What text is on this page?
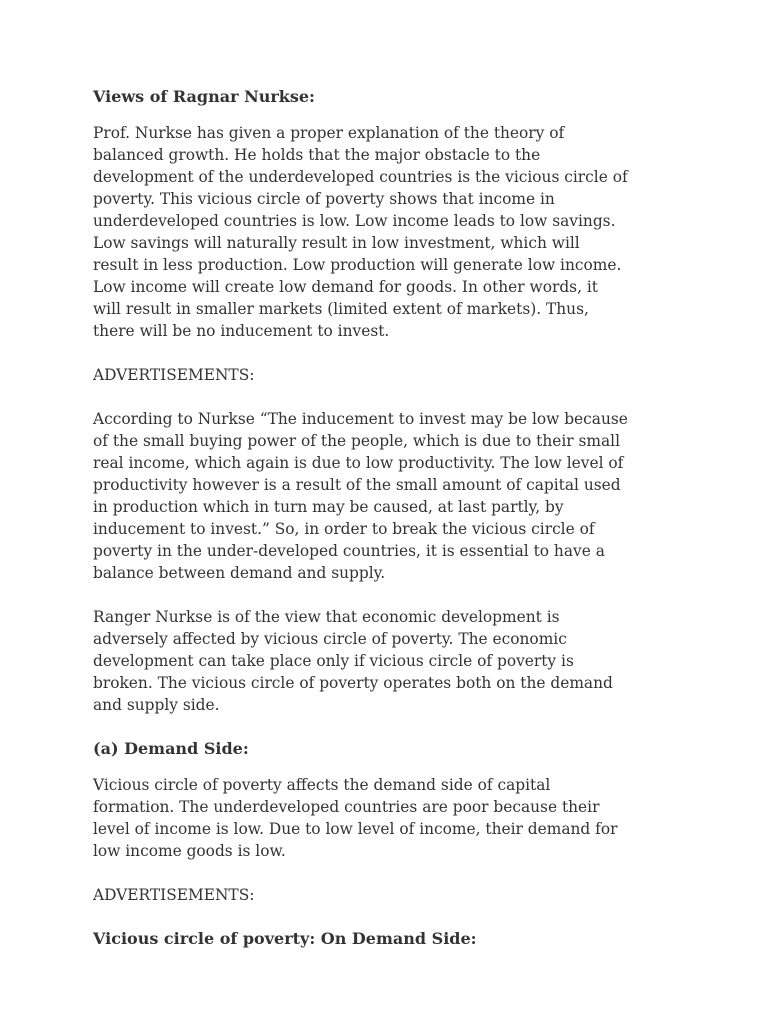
Views of Ragnar Nurkse:
Prof. Nurkse has given a proper explanation of the theory of
balanced growth. He holds that the major obstacle to the
development of the underdeveloped countries is the vicious circle of
poverty. This vicious circle of poverty shows that income in
underdeveloped countries is low. Low income leads to low savings.
Low savings will naturally result in low investment, which will
result in less production. Low production will generate low income.
Low income will create low demand for goods. In other words, it
will result in smaller markets (limited extent of markets). Thus,
there will be no inducement to invest.
ADVERTISEMENTS:
According to Nurkse “The inducement to invest may be low because
of the small buying power of the people, which is due to their small
real income, which again is due to low productivity. The low level of
productivity however is a result of the small amount of capital used
in production which in turn may be caused, at last partly, by
inducement to invest.” So, in order to break the vicious circle of
poverty in the under-developed countries, it is essential to have a
balance between demand and supply.
Ranger Nurkse is of the view that economic development is
adversely affected by vicious circle of poverty. The economic
development can take place only if vicious circle of poverty is
broken. The vicious circle of poverty operates both on the demand
and supply side.
(a) Demand Side:
Vicious circle of poverty affects the demand side of capital
formation. The underdeveloped countries are poor because their
level of income is low. Due to low level of income, their demand for
low income goods is low.
ADVERTISEMENTS:
Vicious circle of poverty: On Demand Side:
